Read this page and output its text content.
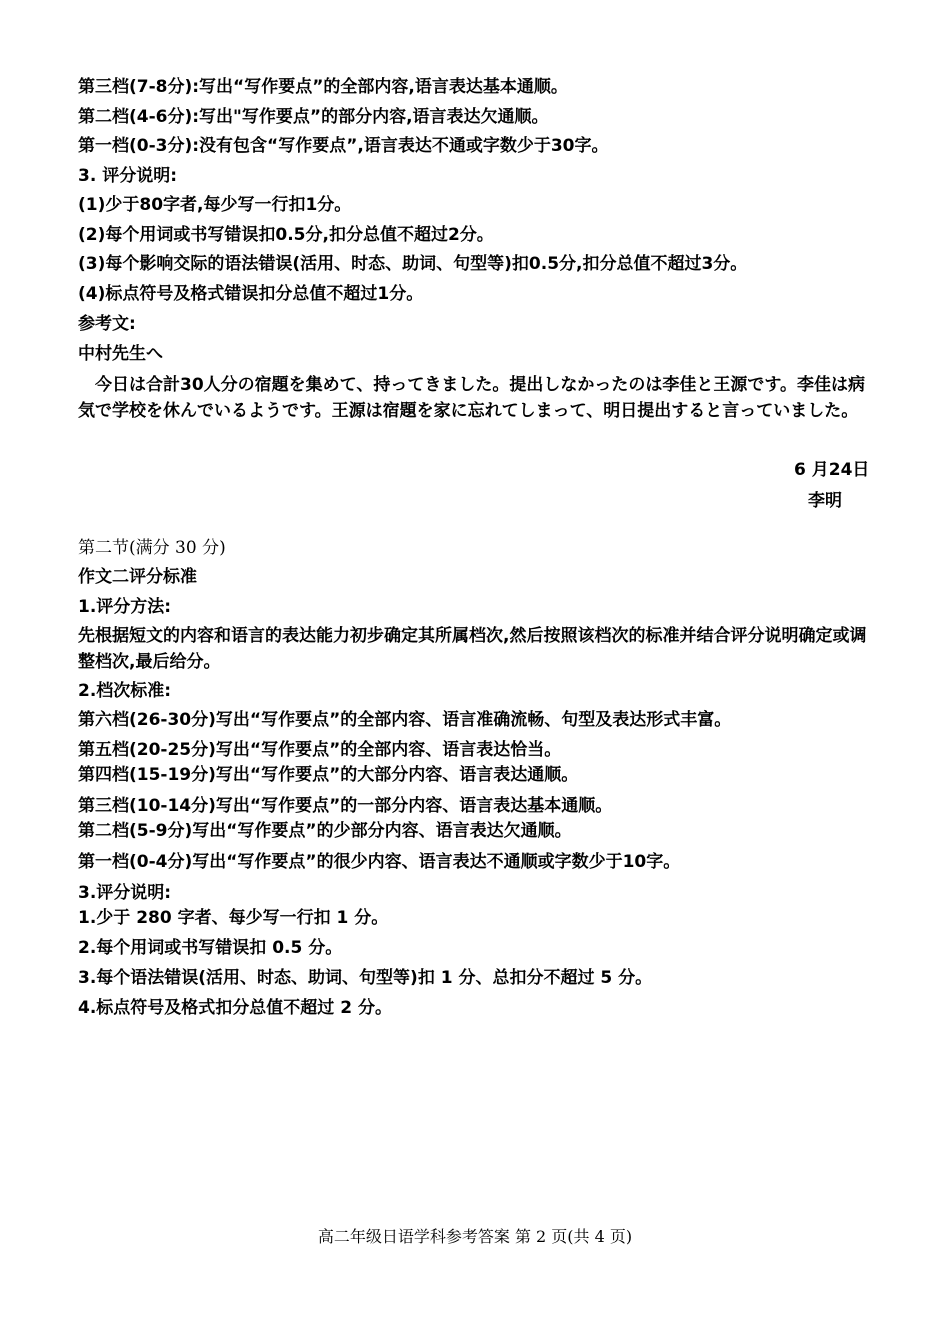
第三档(7-8分):写出“写作要点”的全部内容,语言表达基本通顺。
第二档(4-6分):写出"写作要点”的部分内容,语言表达欠通顺。
第一档(0-3分):没有包含“写作要点”,语言表达不通或字数少于30字。
3. 评分说明:
(1)少于80字者,每少写一行扣1分。
(2)每个用词或书写错误扣0.5分,扣分总值不超过2分。
(3)每个影响交际的语法错误(活用、时态、助词、句型等)扣0.5分,扣分总值不超过3分。
(4)标点符号及格式错误扣分总值不超过1分。
参考文:
中村先生へ
今日は合計30人分の宿題を集めて、持ってきました。提出しなかったのは李佳と王源です。李佳は病気で学校を休んでいるようです。王源は宿題を家に忘れてしまって、明日提出すると言っていました。
6 月24日
李明
第二节(满分 30 分)
作文二评分标准
1.评分方法:
先根据短文的内容和语言的表达能力初步确定其所属档次,然后按照该档次的标准并结合评分说明确定或调整档次,最后给分。
2.档次标准:
第六档(26-30分)写出“写作要点”的全部内容、语言准确流畅、句型及表达形式丰富。
第五档(20-25分)写出“写作要点”的全部内容、语言表达恰当。
第四档(15-19分)写出“写作要点”的大部分内容、语言表达通顺。
第三档(10-14分)写出“写作要点”的一部分内容、语言表达基本通顺。
第二档(5-9分)写出“写作要点”的少部分内容、语言表达欠通顺。
第一档(0-4分)写出“写作要点”的很少内容、语言表达不通顺或字数少于10字。
3.评分说明:
1.少于 280 字者、每少写一行扣 1 分。
2.每个用词或书写错误扣 0.5 分。
3.每个语法错误(活用、时态、助词、句型等)扣 1 分、总扣分不超过 5 分。
4.标点符号及格式扣分总值不超过 2 分。
高二年级日语学科参考答案 第 2 页(共 4 页)
